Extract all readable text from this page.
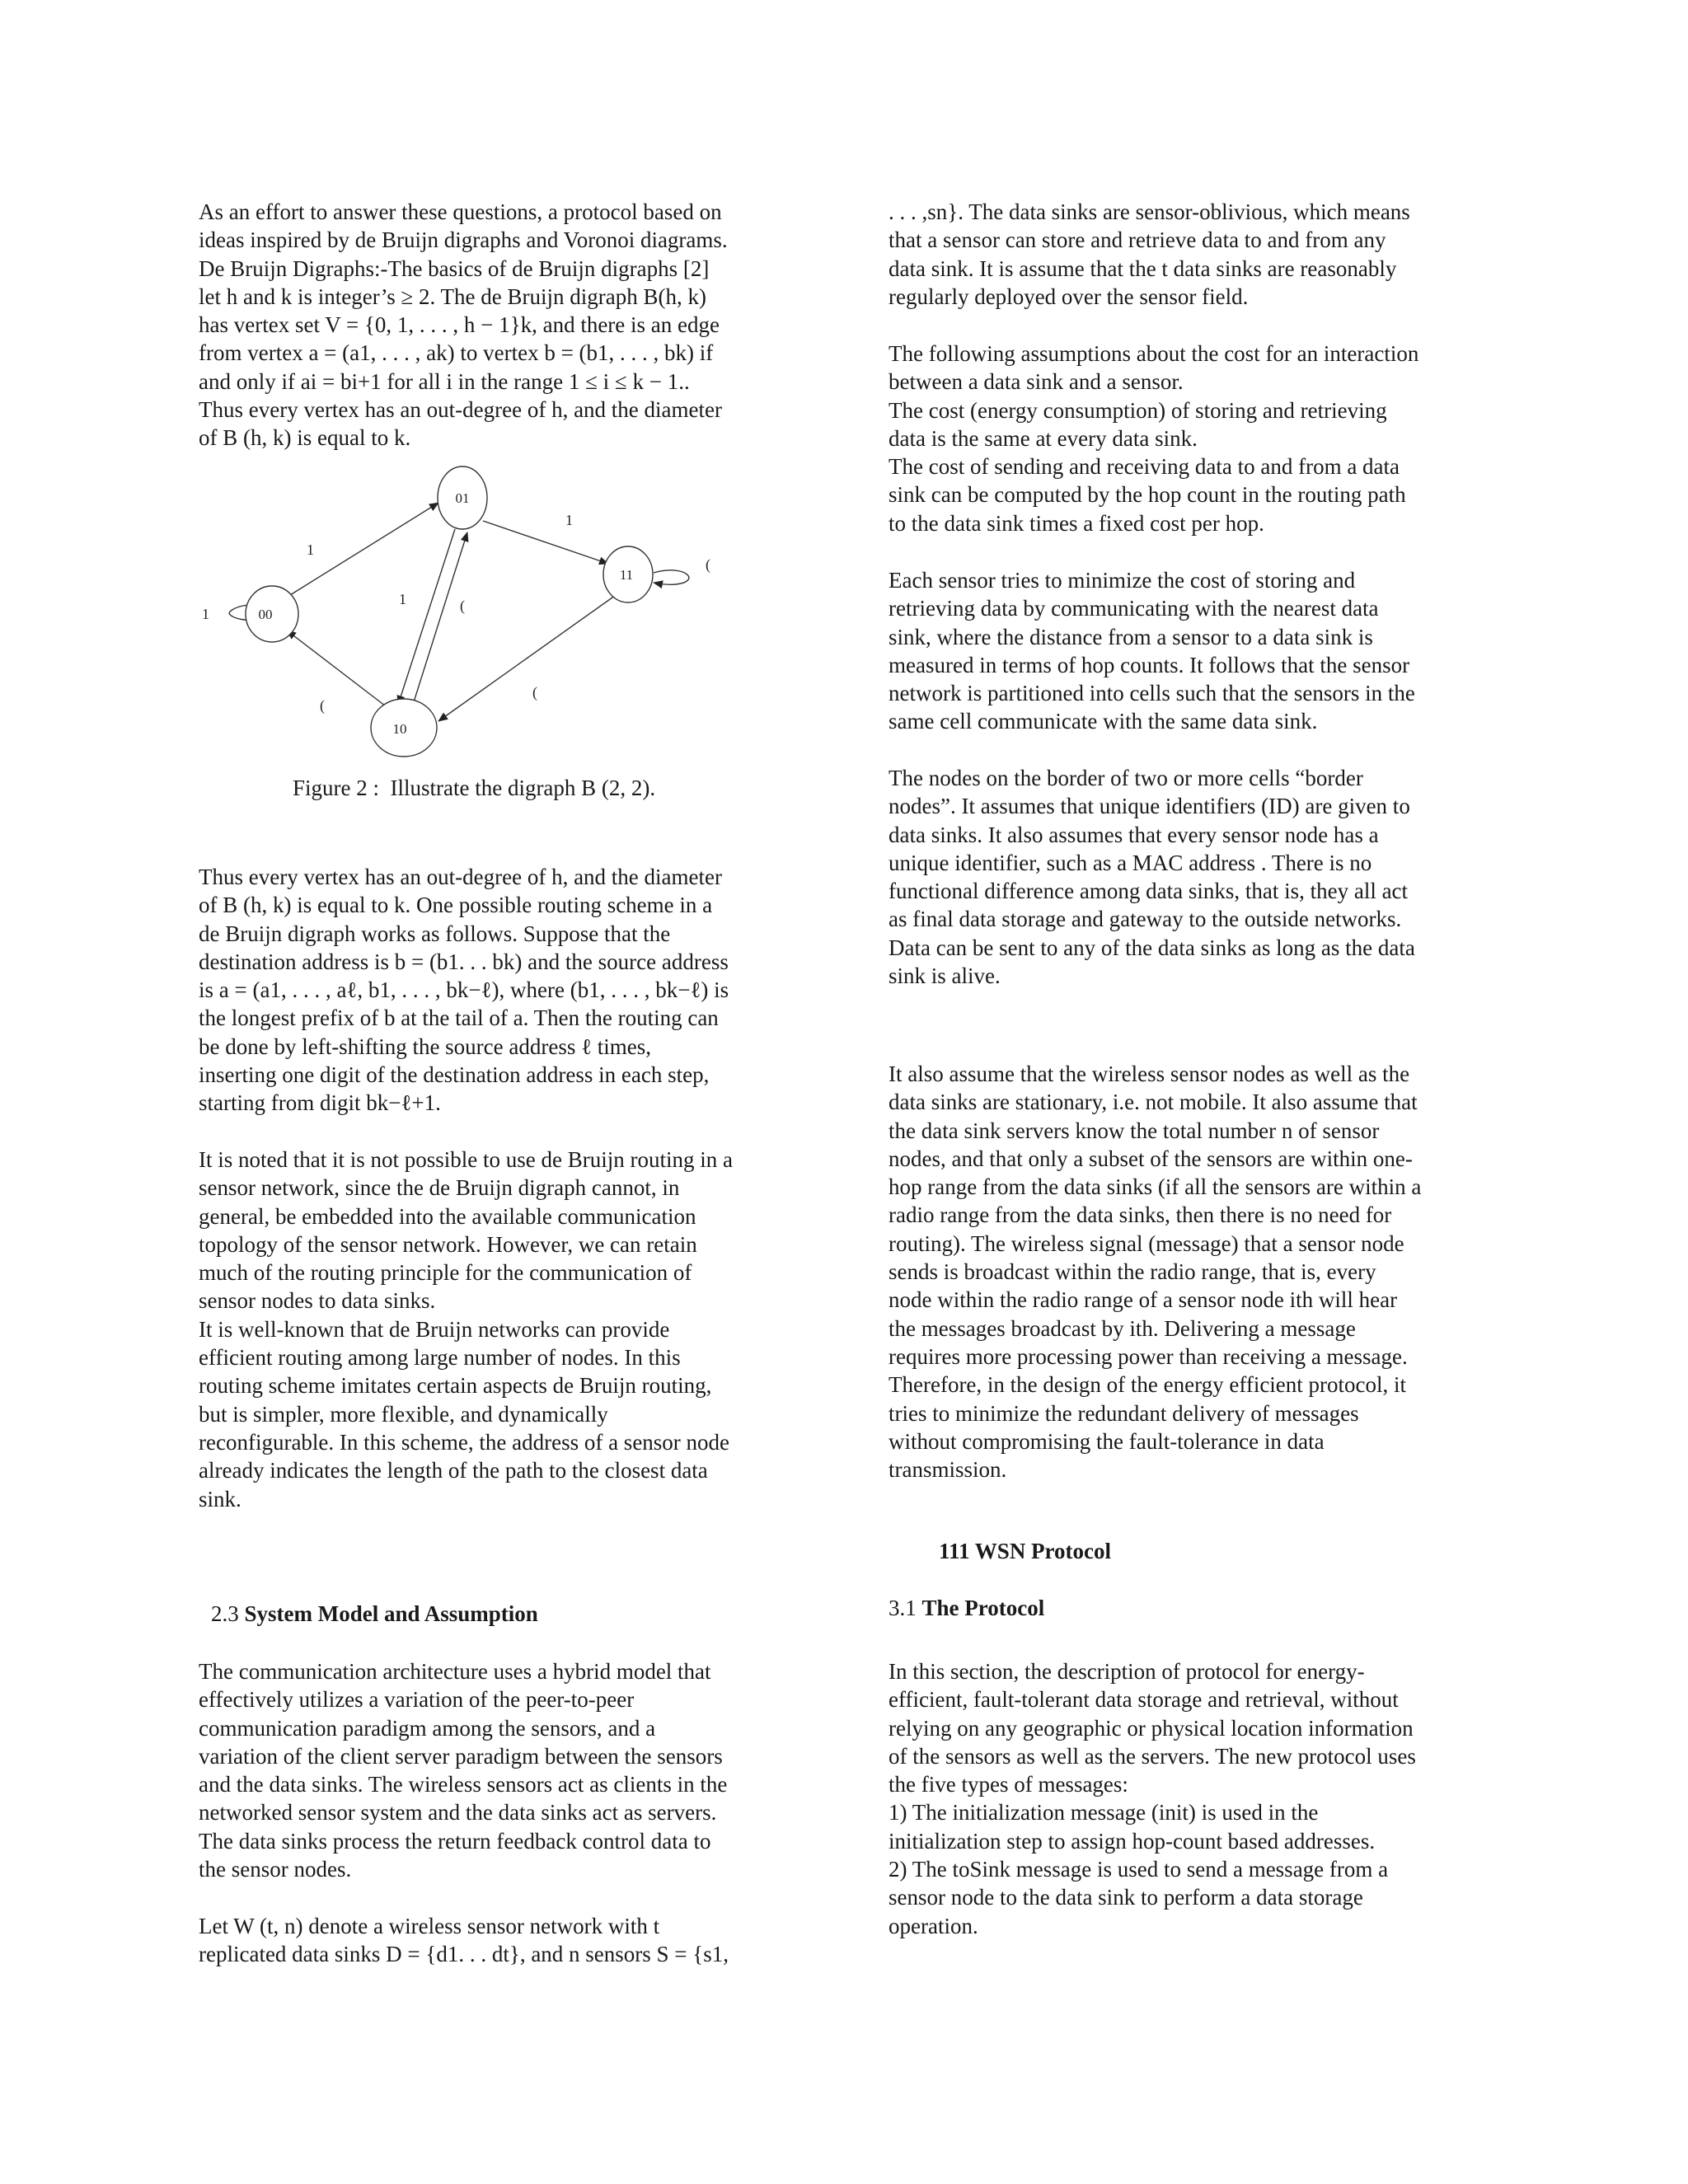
As an effort to answer these questions, a protocol based on
ideas inspired by de Bruijn digraphs and Voronoi diagrams.
De Bruijn Digraphs:-The basics of de Bruijn digraphs [2]
let h and k is integer’s ≥ 2. The de Bruijn digraph B(h, k)
has vertex set V = {0, 1, . . . , h − 1}k, and there is an edge
from vertex a = (a1, . . . , ak) to vertex b = (b1, . . . , bk) if
and only if ai = bi+1 for all i in the range 1 ≤ i ≤ k − 1..
Thus every vertex has an out-degree of h, and the diameter
of B (h, k) is equal to k.

01
00
11
10
1
1
1	(
(
(
1
(
Figure 2 :  Illustrate the digraph B (2, 2).

Thus every vertex has an out-degree of h, and the diameter
of B (h, k) is equal to k. One possible routing scheme in a
de Bruijn digraph works as follows. Suppose that the
destination address is b = (b1. . . bk) and the source address
is a = (a1, . . . , aℓ, b1, . . . , bk−ℓ), where (b1, . . . , bk−ℓ) is
the longest prefix of b at the tail of a. Then the routing can
be done by left-shifting the source address ℓ times,
inserting one digit of the destination address in each step,
starting from digit bk−ℓ+1.

It is noted that it is not possible to use de Bruijn routing in a
sensor network, since the de Bruijn digraph cannot, in
general, be embedded into the available communication
topology of the sensor network. However, we can retain
much of the routing principle for the communication of
sensor nodes to data sinks.
It is well-known that de Bruijn networks can provide
efficient routing among large number of nodes. In this
routing scheme imitates certain aspects de Bruijn routing,
but is simpler, more flexible, and dynamically
reconfigurable. In this scheme, the address of a sensor node
already indicates the length of the path to the closest data
sink.

2.3 System Model and Assumption

The communication architecture uses a hybrid model that
effectively utilizes a variation of the peer-to-peer
communication paradigm among the sensors, and a
variation of the client server paradigm between the sensors
and the data sinks. The wireless sensors act as clients in the
networked sensor system and the data sinks act as servers.
The data sinks process the return feedback control data to
the sensor nodes.

Let W (t, n) denote a wireless sensor network with t
replicated data sinks D = {d1. . . dt}, and n sensors S = {s1,

. . . ,sn}. The data sinks are sensor-oblivious, which means
that a sensor can store and retrieve data to and from any
data sink. It is assume that the t data sinks are reasonably
regularly deployed over the sensor field.

The following assumptions about the cost for an interaction
between a data sink and a sensor.
The cost (energy consumption) of storing and retrieving
data is the same at every data sink.
The cost of sending and receiving data to and from a data
sink can be computed by the hop count in the routing path
to the data sink times a fixed cost per hop.

Each sensor tries to minimize the cost of storing and
retrieving data by communicating with the nearest data
sink, where the distance from a sensor to a data sink is
measured in terms of hop counts. It follows that the sensor
network is partitioned into cells such that the sensors in the
same cell communicate with the same data sink.

The nodes on the border of two or more cells “border
nodes”. It assumes that unique identifiers (ID) are given to
data sinks. It also assumes that every sensor node has a
unique identifier, such as a MAC address . There is no
functional difference among data sinks, that is, they all act
as final data storage and gateway to the outside networks.
Data can be sent to any of the data sinks as long as the data
sink is alive.

It also assume that the wireless sensor nodes as well as the
data sinks are stationary, i.e. not mobile. It also assume that
the data sink servers know the total number n of sensor
nodes, and that only a subset of the sensors are within one-
hop range from the data sinks (if all the sensors are within a
radio range from the data sinks, then there is no need for
routing). The wireless signal (message) that a sensor node
sends is broadcast within the radio range, that is, every
node within the radio range of a sensor node ith will hear
the messages broadcast by ith. Delivering a message
requires more processing power than receiving a message.
Therefore, in the design of the energy efficient protocol, it
tries to minimize the redundant delivery of messages
without compromising the fault-tolerance in data
transmission.

111 WSN Protocol

3.1 The Protocol

In this section, the description of protocol for energy-
efficient, fault-tolerant data storage and retrieval, without
relying on any geographic or physical location information
of the sensors as well as the servers. The new protocol uses
the five types of messages:
1) The initialization message (init) is used in the
initialization step to assign hop-count based addresses.
2) The toSink message is used to send a message from a
sensor node to the data sink to perform a data storage
operation.
